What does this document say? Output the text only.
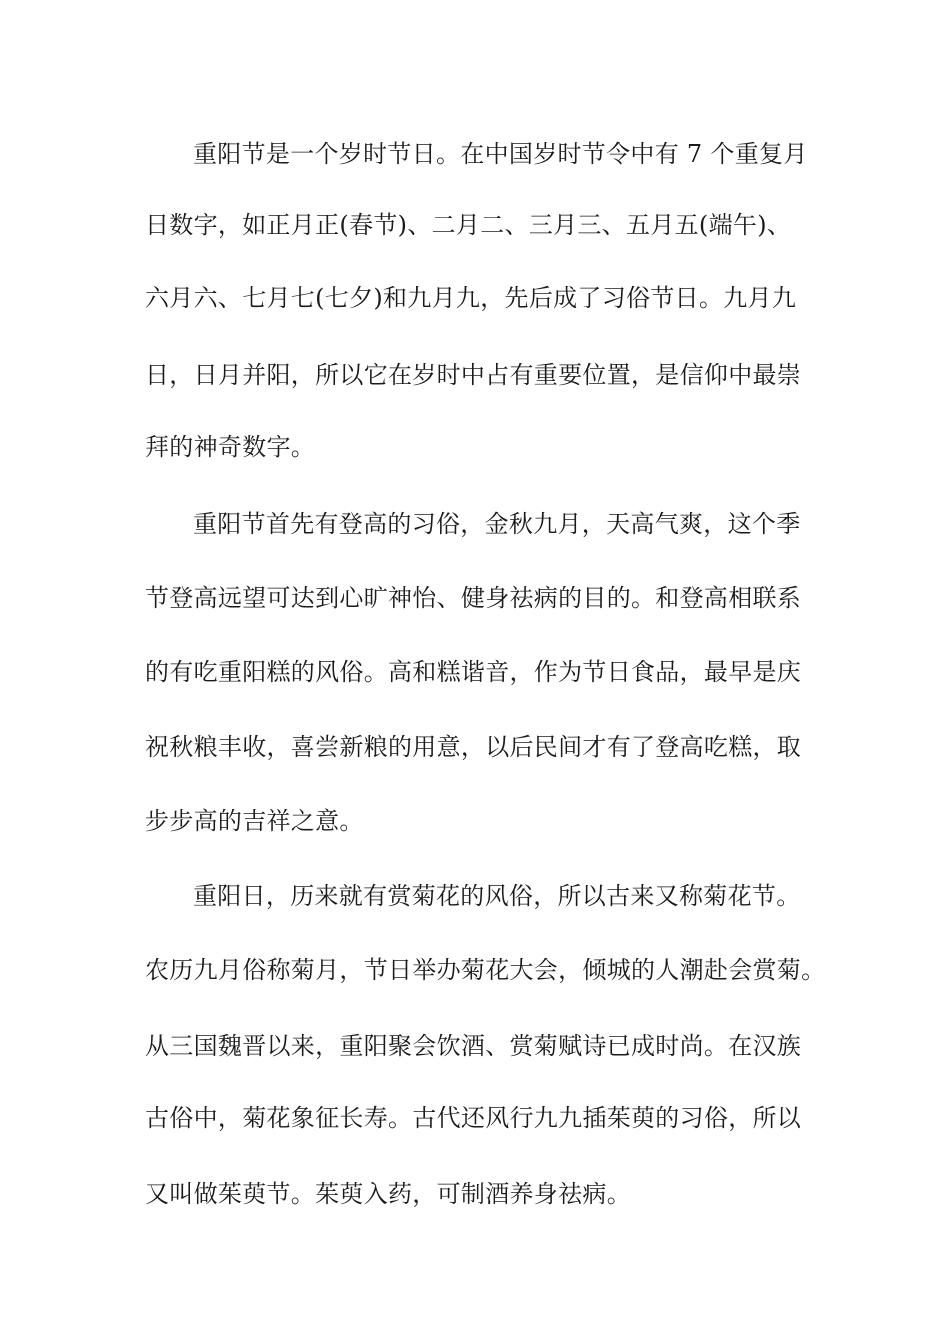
重阳节是一个岁时节日。在中国岁时节令中有 7 个重复月
日数字，如正月正(春节)、二月二、三月三、五月五(端午)、
六月六、七月七(七夕)和九月九，先后成了习俗节日。九月九
日，日月并阳，所以它在岁时中占有重要位置，是信仰中最崇
拜的神奇数字。
重阳节首先有登高的习俗，金秋九月，天高气爽，这个季
节登高远望可达到心旷神怡、健身祛病的目的。和登高相联系
的有吃重阳糕的风俗。高和糕谐音，作为节日食品，最早是庆
祝秋粮丰收，喜尝新粮的用意，以后民间才有了登高吃糕，取
步步高的吉祥之意。
重阳日，历来就有赏菊花的风俗，所以古来又称菊花节。
农历九月俗称菊月，节日举办菊花大会，倾城的人潮赴会赏菊。
从三国魏晋以来，重阳聚会饮酒、赏菊赋诗已成时尚。在汉族
古俗中，菊花象征长寿。古代还风行九九插茱萸的习俗，所以
又叫做茱萸节。茱萸入药，可制酒养身祛病。
